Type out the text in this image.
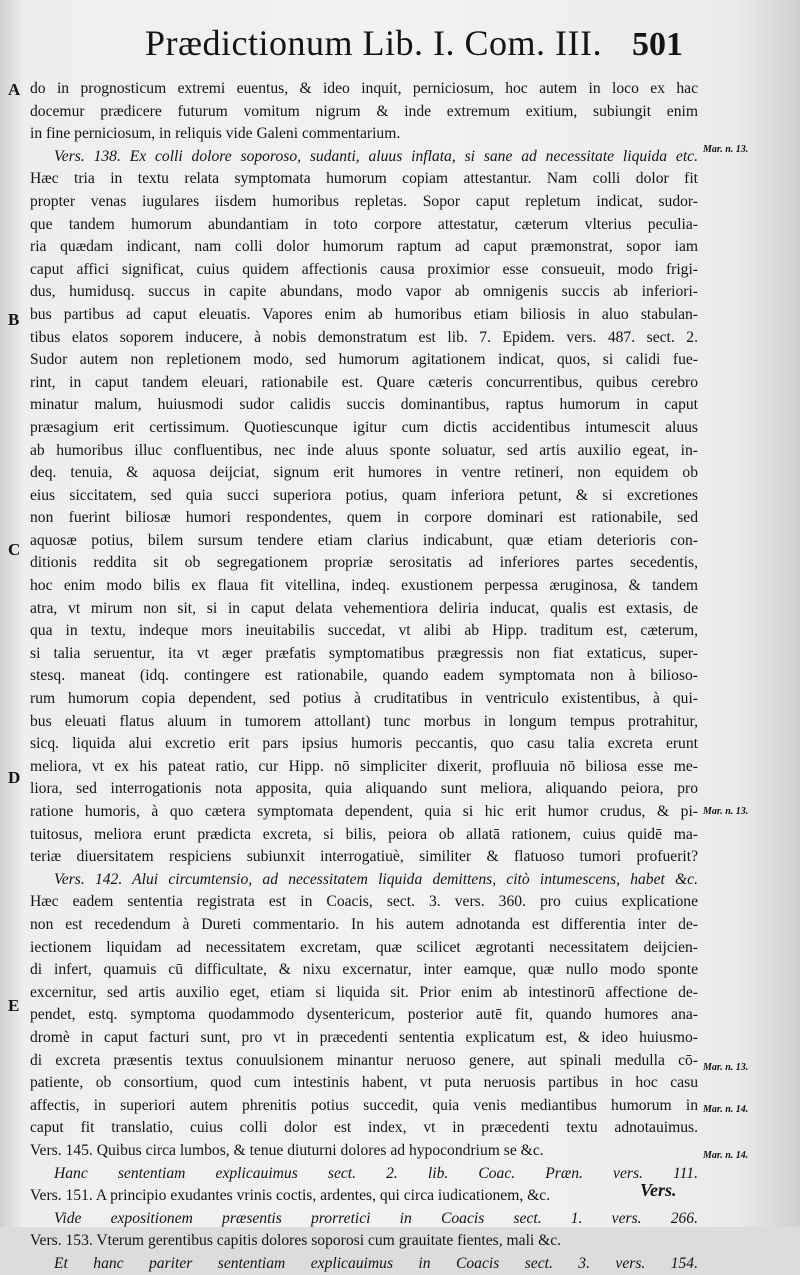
Prædictionum Lib. I. Com. III. 501
do in prognosticum extremi euentus, & ideo inquit, perniciosum, hoc autem in loco ex hac
docemur prædicere futurum vomitum nigrum & inde extremum exitium, subiungit enim
in fine perniciosum, in reliquis vide Galeni commentarium.
Vers. 138. Ex colli dolore soporoso, sudanti, aluus inflata, si sane ad necessitate liquida etc.
Hæc tria in textu relata symptomata humorum copiam attestantur. Nam colli dolor fit
propter venas iugulares iisdem humoribus repletas. Sopor caput repletum indicat, sudor-
que tandem humorum abundantiam in toto corpore attestatur, cæterum vlterius peculia-
ria quædam indicant, nam colli dolor humorum raptum ad caput præmonstrat, sopor iam
caput affici significat, cuius quidem affectionis causa proximior esse consueuit, modo frigi-
dus, humidusq. succus in capite abundans, modo vapor ab omnigenis succis ab inferiori-
bus partibus ad caput eleuatis. Vapores enim ab humoribus etiam biliosis in aluo stabulan-
tibus elatos soporem inducere, à nobis demonstratum est lib. 7. Epidem. vers. 487. sect. 2.
Sudor autem non repletionem modo, sed humorum agitationem indicat, quos, si calidi fue-
rint, in caput tandem eleuari, rationabile est. Quare cæteris concurrentibus, quibus cerebro
minatur malum, huiusmodi sudor calidis succis dominantibus, raptus humorum in caput
præsagium erit certissimum. Quotiescunque igitur cum dictis accidentibus intumescit aluus
ab humoribus illuc confluentibus, nec inde aluus sponte soluatur, sed artis auxilio egeat, in-
deq. tenuia, & aquosa deijciat, signum erit humores in ventre retineri, non equidem ob
eius siccitatem, sed quia succi superiora potius, quam inferiora petunt, & si excretiones
non fuerint biliosæ humori respondentes, quem in corpore dominari est rationabile, sed
aquosæ potius, bilem sursum tendere etiam clarius indicabunt, quæ etiam deterioris con-
ditionis reddita sit ob segregationem propriæ serositatis ad inferiores partes secedentis,
hoc enim modo bilis ex flaua fit vitellina, indeq. exustionem perpessa æruginosa, & tandem
atra, vt mirum non sit, si in caput delata vehementiora deliria inducat, qualis est extasis, de
qua in textu, indeque mors ineuitabilis succedat, vt alibi ab Hipp. traditum est, cæterum,
si talia seruentur, ita vt æger præfatis symptomatibus prægressis non fiat extaticus, super-
stesq. maneat (idq. contingere est rationabile, quando eadem symptomata non à bilioso-
rum humorum copia dependent, sed potius à cruditatibus in ventriculo existentibus, à qui-
bus eleuati flatus aluum in tumorem attollant) tunc morbus in longum tempus protrahitur,
sicq. liquida alui excretio erit pars ipsius humoris peccantis, quo casu talia excreta erunt
meliora, vt ex his pateat ratio, cur Hipp. nō simpliciter dixerit, profluuia nō biliosa esse me-
liora, sed interrogationis nota apposita, quia aliquando sunt meliora, aliquando peiora, pro
ratione humoris, à quo cætera symptomata dependent, quia si hic erit humor crudus, & pi-
tuitosus, meliora erunt prædicta excreta, si bilis, peiora ob allatā rationem, cuius quidē ma-
teriæ diuersitatem respiciens subiunxit interrogatiuè, similiter & flatuoso tumori profuerit?
Vers. 142. Alui circumtensio, ad necessitatem liquida demittens, citò intumescens, habet &c.
Hæc eadem sententia registrata est in Coacis, sect. 3. vers. 360. pro cuius explicatione
non est recedendum à Dureti commentario. In his autem adnotanda est differentia inter de-
iectionem liquidam ad necessitatem excretam, quæ scilicet ægrotanti necessitatem deijcien-
di infert, quamuis cū difficultate, & nixu excernatur, inter eamque, quæ nullo modo sponte
excernitur, sed artis auxilio eget, etiam si liquida sit. Prior enim ab intestinorū affectione de-
pendet, estq. symptoma quodammodo dysentericum, posterior autē fit, quando humores ana-
dromè in caput facturi sunt, pro vt in præcedenti sententia explicatum est, & ideo huiusmo-
di excreta præsentis textus conuulsionem minantur neruoso genere, aut spinali medulla cō-
patiente, ob consortium, quod cum intestinis habent, vt puta neruosis partibus in hoc casu
affectis, in superiori autem phrenitis potius succedit, quia venis mediantibus humorum in
caput fit translatio, cuius colli dolor est index, vt in præcedenti textu adnotauimus.
Vers. 145. Quibus circa lumbos, & tenue diuturni dolores ad hypocondrium se &c.
Hanc sententiam explicauimus sect. 2. lib. Coac. Præn. vers. 111.
Vers. 151. A principio exudantes vrinis coctis, ardentes, qui circa iudicationem, &c.
Vide expositionem præsentis prorretici in Coacis sect. 1. vers. 266.
Vers. 153. Vterum gerentibus capitis dolores soporosi cum grauitate fientes, mali &c.
Et hanc pariter sententiam explicauimus in Coacis sect. 3. vers. 154.
A
B
C
D
E
Mar. n. 13.
Mar. n. 13.
Mar. n. 13.
Mar. n. 14.
Mar. n. 14.
Vers.
